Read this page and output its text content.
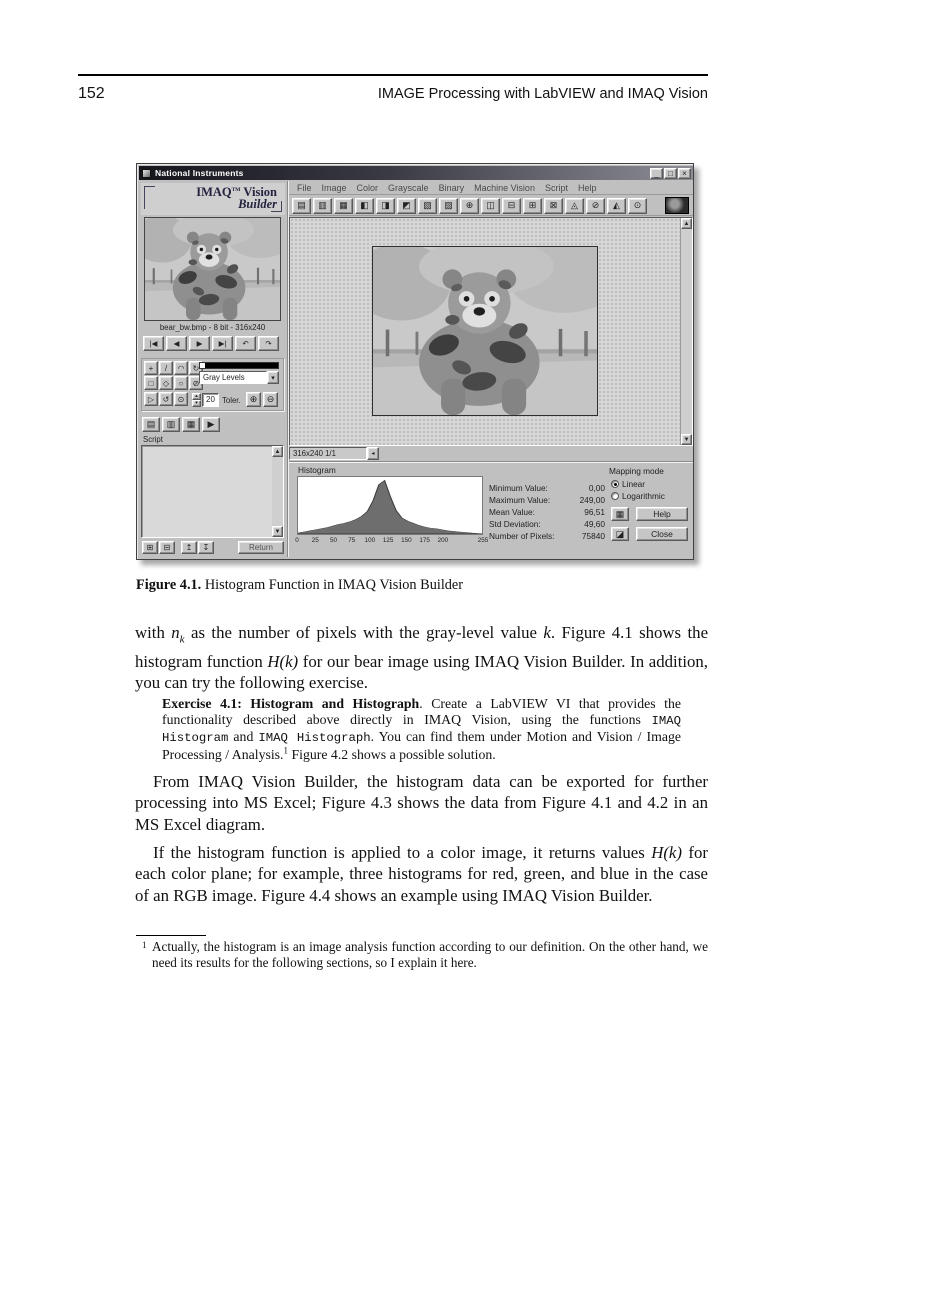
152	IMAGE Processing with LabVIEW and IMAQ Vision
National Instruments	_	□	×
IMAQ™ Vision
Builder
bear_bw.bmp - 8 bit - 316x240
|◀	◀	▶	▶|	↶	↷
+	/	◠	↻
□	◇	○	⊘
▷	↺	⊙
Gray Levels	▾
▴
▾	20 Toler.	⊕	⊖
▤	▥	▦	▶
Script
▲
▼
⊞	⊟	↥	↧	Return
File	Image	Color	Grayscale	Binary	Machine Vision	Script	Help
▤	▥	▦	◧	◨	◩	▧	▨	⊕	◫	⊟	⊞	⊠	◬	⊘	◭	⊙
▲
▼
316x240 1/1	◂
Histogram
0 25 50 75 100 125 150 175 200	255
Minimum Value:	0,00
Maximum Value:	249,00
Mean Value:	96,51
Std Deviation:	49,60
Number of Pixels:	75840
Mapping mode
Linear
Logarithmic
▦
◪
Help
Close

Figure 4.1. Histogram Function in IMAQ Vision Builder

with $n_k$ as the number of pixels with the gray-level value k. Figure 4.1 shows the histogram function H(k) for our bear image using IMAQ Vision Builder. In addition, you can try the following exercise.

Exercise 4.1: Histogram and Histograph. Create a LabVIEW VI that provides the functionality described above directly in IMAQ Vision, using the functions IMAQ Histogram and IMAQ Histograph. You can find them under Motion and Vision / Image Processing / Analysis.$^1$ Figure 4.2 shows a possible solution.

From IMAQ Vision Builder, the histogram data can be exported for further processing into MS Excel; Figure 4.3 shows the data from Figure 4.1 and 4.2 in an MS Excel diagram.

If the histogram function is applied to a color image, it returns values H(k) for each color plane; for example, three histograms for red, green, and blue in the case of an RGB image. Figure 4.4 shows an example using IMAQ Vision Builder.

1 Actually, the histogram is an image analysis function according to our definition. On the other hand, we need its results for the following sections, so I explain it here.
